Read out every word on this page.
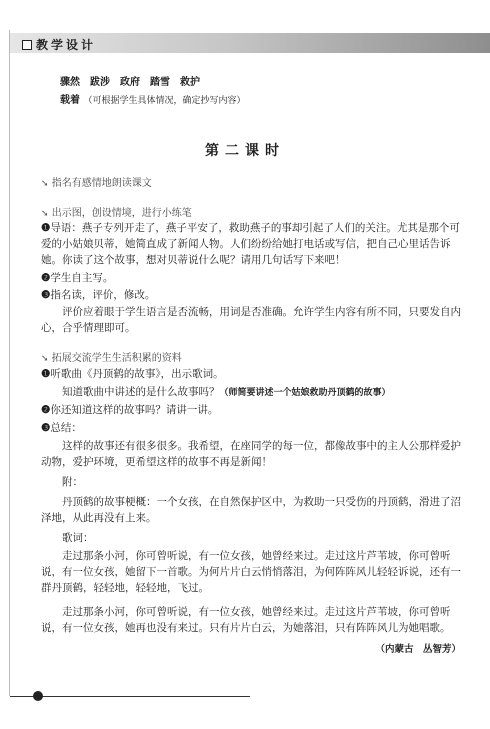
教学设计
骤然　跋涉　政府　踏雪　救护
载着 （可根据学生具体情况，确定抄写内容）
第二课时
➘ 指名有感情地朗读课文
➘ 出示图，创设情境，进行小练笔
❶导语：燕子专列开走了，燕子平安了，救助燕子的事却引起了人们的关注。尤其是那个可爱的小姑娘贝蒂，她简直成了新闻人物。人们纷纷给她打电话或写信，把自己心里话告诉她。你读了这个故事，想对贝蒂说什么呢？请用几句话写下来吧！
❷学生自主写。
❸指名读，评价，修改。
评价应着眼于学生语言是否流畅，用词是否准确。允许学生内容有所不同，只要发自内心，合乎情理即可。
➘ 拓展交流学生生活积累的资料
❶听歌曲《丹顶鹤的故事》，出示歌词。
知道歌曲中讲述的是什么故事吗？（师简要讲述一个姑娘救助丹顶鹤的故事）
❷你还知道这样的故事吗？请讲一讲。
❸总结：
这样的故事还有很多很多。我希望，在座同学的每一位，都像故事中的主人公那样爱护动物，爱护环境，更希望这样的故事不再是新闻！
附：
丹顶鹤的故事梗概：一个女孩，在自然保护区中，为救助一只受伤的丹顶鹤，滑进了沼泽地，从此再没有上来。
歌词：
走过那条小河，你可曾听说，有一位女孩，她曾经来过。走过这片芦苇坡，你可曾听说，有一位女孩，她留下一首歌。为何片片白云悄悄落泪，为何阵阵风儿轻轻诉说，还有一群丹顶鹤，轻轻地，轻轻地，飞过。
走过那条小河，你可曾听说，有一位女孩，她曾经来过。走过这片芦苇坡，你可曾听说，有一位女孩，她再也没有来过。只有片片白云，为她落泪，只有阵阵风儿为她唱歌。
（内蒙古　丛智芳）
